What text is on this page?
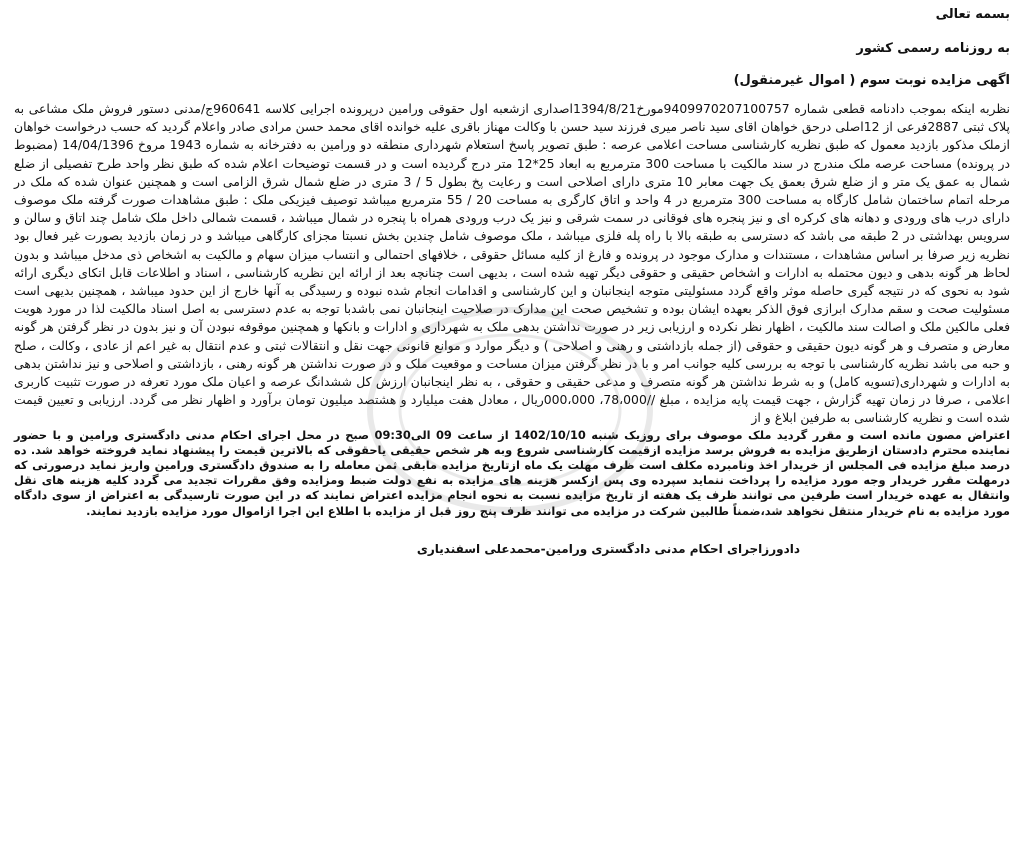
بسمه تعالی
به روزنامه رسمی کشور
اگهی مزایده نوبت سوم ( اموال غیرمنقول)

نظربه اینکه بموجب دادنامه قطعی شماره 9409970207100757مورخ1394/8/21اصداری ازشعبه اول حقوقی ورامین درپرونده اجرایی کلاسه 960641ج/مدنی دستور فروش ملک مشاعی به پلاک ثبتی 2887فرعی از 12اصلی درحق خواهان اقای سید ناصر میری فرزند سید حسن با وکالت مهناز باقری علیه خوانده اقای محمد حسن مرادی صادر واعلام گردید که حسب درخواست خواهان ازملک مذکور بازدید معمول که طبق نظریه کارشناسی مساحت اعلامی عرصه : طبق تصویر پاسخ استعلام شهرداری منطقه دو ورامین به دفترخانه به شماره 1943 مروخ 14/04/1396 (مضبوط در پرونده) مساحت عرصه ملک مندرج در سند مالکیت با مساحت 300 مترمربع به ابعاد 25*12 متر درج گردیده است و در قسمت توضیحات اعلام شده که طبق نظر واحد طرح تفصیلی از ضلع شمال به عمق یک متر و از ضلع شرق بعمق یک جهت معابر 10 متری دارای اصلاحی است و رعایت پخ بطول 5 / 3 متری در ضلع شمال شرق الزامی است و همچنین عنوان شده که ملک در مرحله اتمام ساختمان شامل کارگاه به مساحت 300 مترمربع در 4 واحد و اتاق کارگری به مساحت 20 / 55 مترمربع میباشد توصیف فیزیکی ملک : طبق مشاهدات صورت گرفته ملک موصوف دارای درب های ورودی و دهانه های کرکره ای و نیز پنجره های فوقانی در سمت شرقی و نیز یک درب ورودی همراه با پنجره در شمال میباشد ، قسمت شمالی داخل ملک شامل چند اتاق و سالن و سرویس بهداشتی در 2 طبقه می باشد که دسترسی به طبقه بالا با راه پله فلزی میباشد ، ملک موصوف شامل چندین بخش نسبتا مجزای کارگاهی میباشد و در زمان بازدید بصورت غیر فعال بود نظریه زیر صرفا بر اساس مشاهدات ، مستندات و مدارک موجود در پرونده و فارغ از کلیه مسائل حقوقی ، خلافهای احتمالی و انتساب میزان سهام و مالکیت به اشخاص ذی مدخل میباشد و بدون لحاظ هر گونه بدهی و دیون محتمله به ادارات و اشخاص حقیقی و حقوقی دیگر تهیه شده است ، بدیهی است چنانچه بعد از ارائه این نظریه کارشناسی ، اسناد و اطلاعات قابل اتکای دیگری ارائه شود به نحوی که در نتیجه گیری حاصله موثر واقع گردد مسئولیتی متوجه اینجانبان و این کارشناسی و اقدامات انجام شده نبوده و رسیدگی به آنها خارج از این حدود میباشد ، همچنین بدیهی است مسئولیت صحت و سقم مدارک ابرازی فوق الذکر بعهده ایشان بوده و تشخیص صحت این مدارک در صلاحیت اینجانبان نمی باشدبا توجه به عدم دسترسی به اصل اسناد مالکیت لذا در مورد هویت فعلی مالکین ملک و اصالت سند مالکیت ، اظهار نظر نکرده و ارزیابی زیر در صورت نداشتن بدهی ملک به شهرداری و ادارات و بانکها و همچنین موقوفه نبودن آن و نیز بدون در نظر گرفتن هر گونه معارض و متصرف و هر گونه دیون حقیقی و حقوقی (از جمله بازداشتی و رهنی و اصلاحی ) و دیگر موارد و موانع قانونی جهت نقل و انتقالات ثبتی و عدم انتقال به غیر اعم از عادی ، وکالت ، صلح و حبه می باشد نظریه کارشناسی با توجه به بررسی کلیه جوانب امر و با در نظر گرفتن میزان مساحت و موقعیت ملک و در صورت نداشتن هر گونه رهنی ، بازداشتی و اصلاحی و نیز نداشتن بدهی به ادارات و شهرداری(تسویه کامل) و به شرط نداشتن هر گونه متصرف و مدعی حقیقی و حقوقی ، به نظر اینجانبان ارزش کل ششدانگ عرصه و اعیان ملک مورد تعرفه در صورت تثبیت کاربری اعلامی ، صرفا در زمان تهیه گزارش ، جهت قیمت پایه مزایده ، مبلغ //78،000، 000،000ریال ، معادل هفت میلیارد و هشتصد میلیون تومان برآورد و اظهار نظر می گردد. ارزیابی و تعیین قیمت شده است و نظریه کارشناسی به طرفین ابلاغ و از

اعتراض مصون مانده است و مقرر گردید ملک موصوف برای روزیک شنبه 1402/10/10 از ساعت 09 الی09:30 صبح در محل اجرای احکام مدنی دادگستری ورامین و با حضور نماینده محترم دادستان ازطریق مزایده به فروش برسد مزایده ازقیمت کارشناسی شروع وبه هر شخص حقیقی یاحقوقی که بالاترین قیمت را پیشنهاد نماید فروخته خواهد شد. ده درصد مبلغ مزایده فی المجلس از خریدار اخذ ونامبرده مکلف است ظرف مهلت یک ماه ازتاریخ مزایده مابقی ثمن معامله را به صندوق دادگستری ورامین واریز نماید درصورتی که درمهلت مقرر خریدار وجه مورد مزایده را پرداخت ننماید سپرده وی پس ازکسر هزینه های مزایده به نفع دولت ضبط ومزایده وفق مقررات تجدید می گردد کلیه هزینه های نقل وانتقال به عهده خریدار است طرفین می توانند ظرف یک هفته از تاریخ مزایده نسبت به نحوه انجام مزایده اعتراض نمایند که در این صورت تارسیدگی به اعتراض از سوی دادگاه مورد مزایده به نام خریدار منتقل نخواهد شد،ضمناً طالبین شرکت در مزایده می توانند ظرف پنج روز قبل از مزایده با اطلاع این اجرا ازاموال مورد مزایده بازدید نمایند.

دادورزاجرای احکام مدنی دادگستری ورامین-محمدعلی اسفندیاری
